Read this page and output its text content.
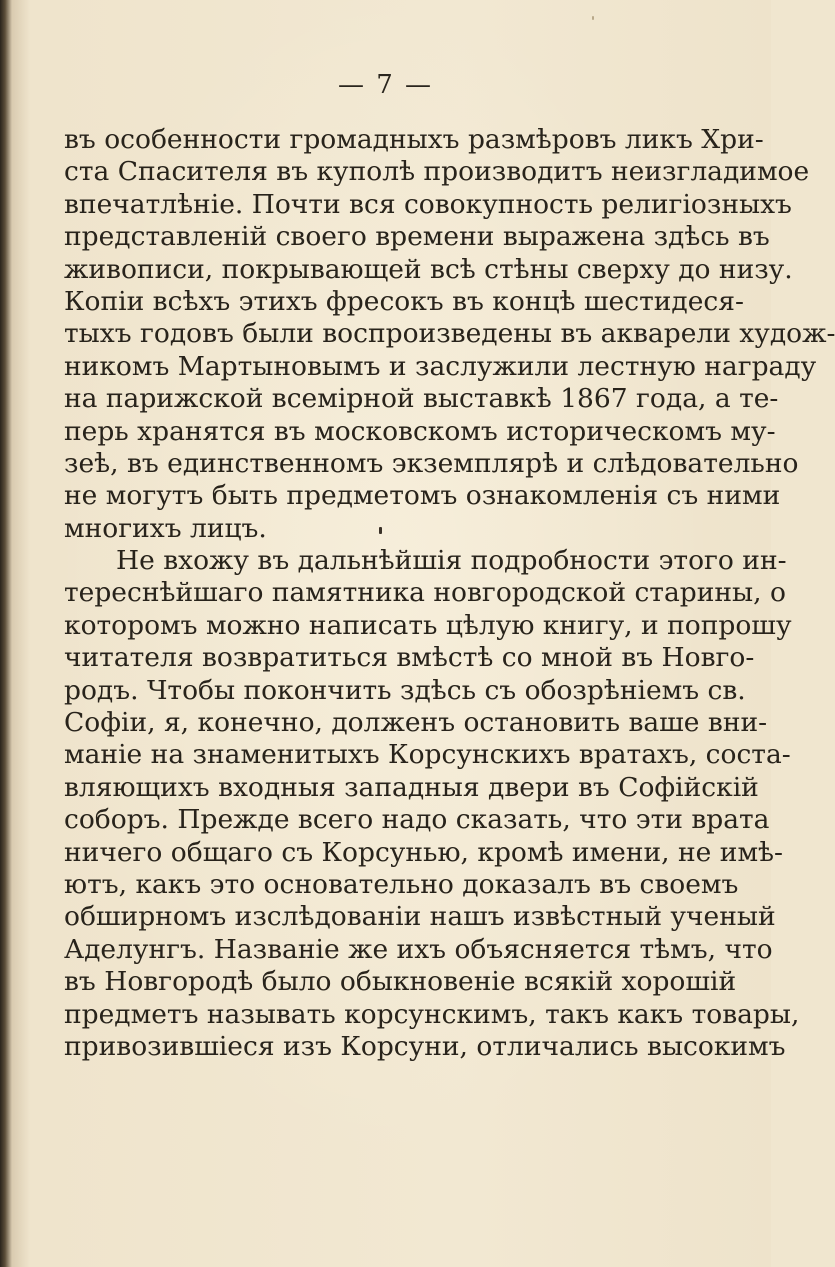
— 7 —
въ особенности громадныхъ размѣровъ ликъ Хри-
ста Спасителя въ куполѣ производитъ неизгладимое
впечатлѣніе. Почти вся совокупность религіозныхъ
представленій своего времени выражена здѣсь въ
живописи, покрывающей всѣ стѣны сверху до низу.
Копіи всѣхъ этихъ фресокъ въ концѣ шестидеся-
тыхъ годовъ были воспроизведены въ акварели худож-
никомъ Мартыновымъ и заслужили лестную награду
на парижской всемірной выставкѣ 1867 года, а те-
перь хранятся въ московскомъ историческомъ му-
зеѣ, въ единственномъ экземплярѣ и слѣдовательно
не могутъ быть предметомъ ознакомленія съ ними
многихъ лицъ.
Не вхожу въ дальнѣйшія подробности этого ин-
тереснѣйшаго памятника новгородской старины, о
которомъ можно написать цѣлую книгу, и попрошу
читателя возвратиться вмѣстѣ со мной въ Новго-
родъ. Чтобы покончить здѣсь съ обозрѣніемъ св.
Софіи, я, конечно, долженъ остановить ваше вни-
маніе на знаменитыхъ Корсунскихъ вратахъ, соста-
вляющихъ входныя западныя двери въ Софійскій
соборъ. Прежде всего надо сказать, что эти врата
ничего общаго съ Корсунью, кромѣ имени, не имѣ-
ютъ, какъ это основательно доказалъ въ своемъ
обширномъ изслѣдованіи нашъ извѣстный ученый
Аделунгъ. Названіе же ихъ объясняется тѣмъ, что
въ Новгородѣ было обыкновеніе всякій хорошій
предметъ называть корсунскимъ, такъ какъ товары,
привозившіеся изъ Корсуни, отличались высокимъ
